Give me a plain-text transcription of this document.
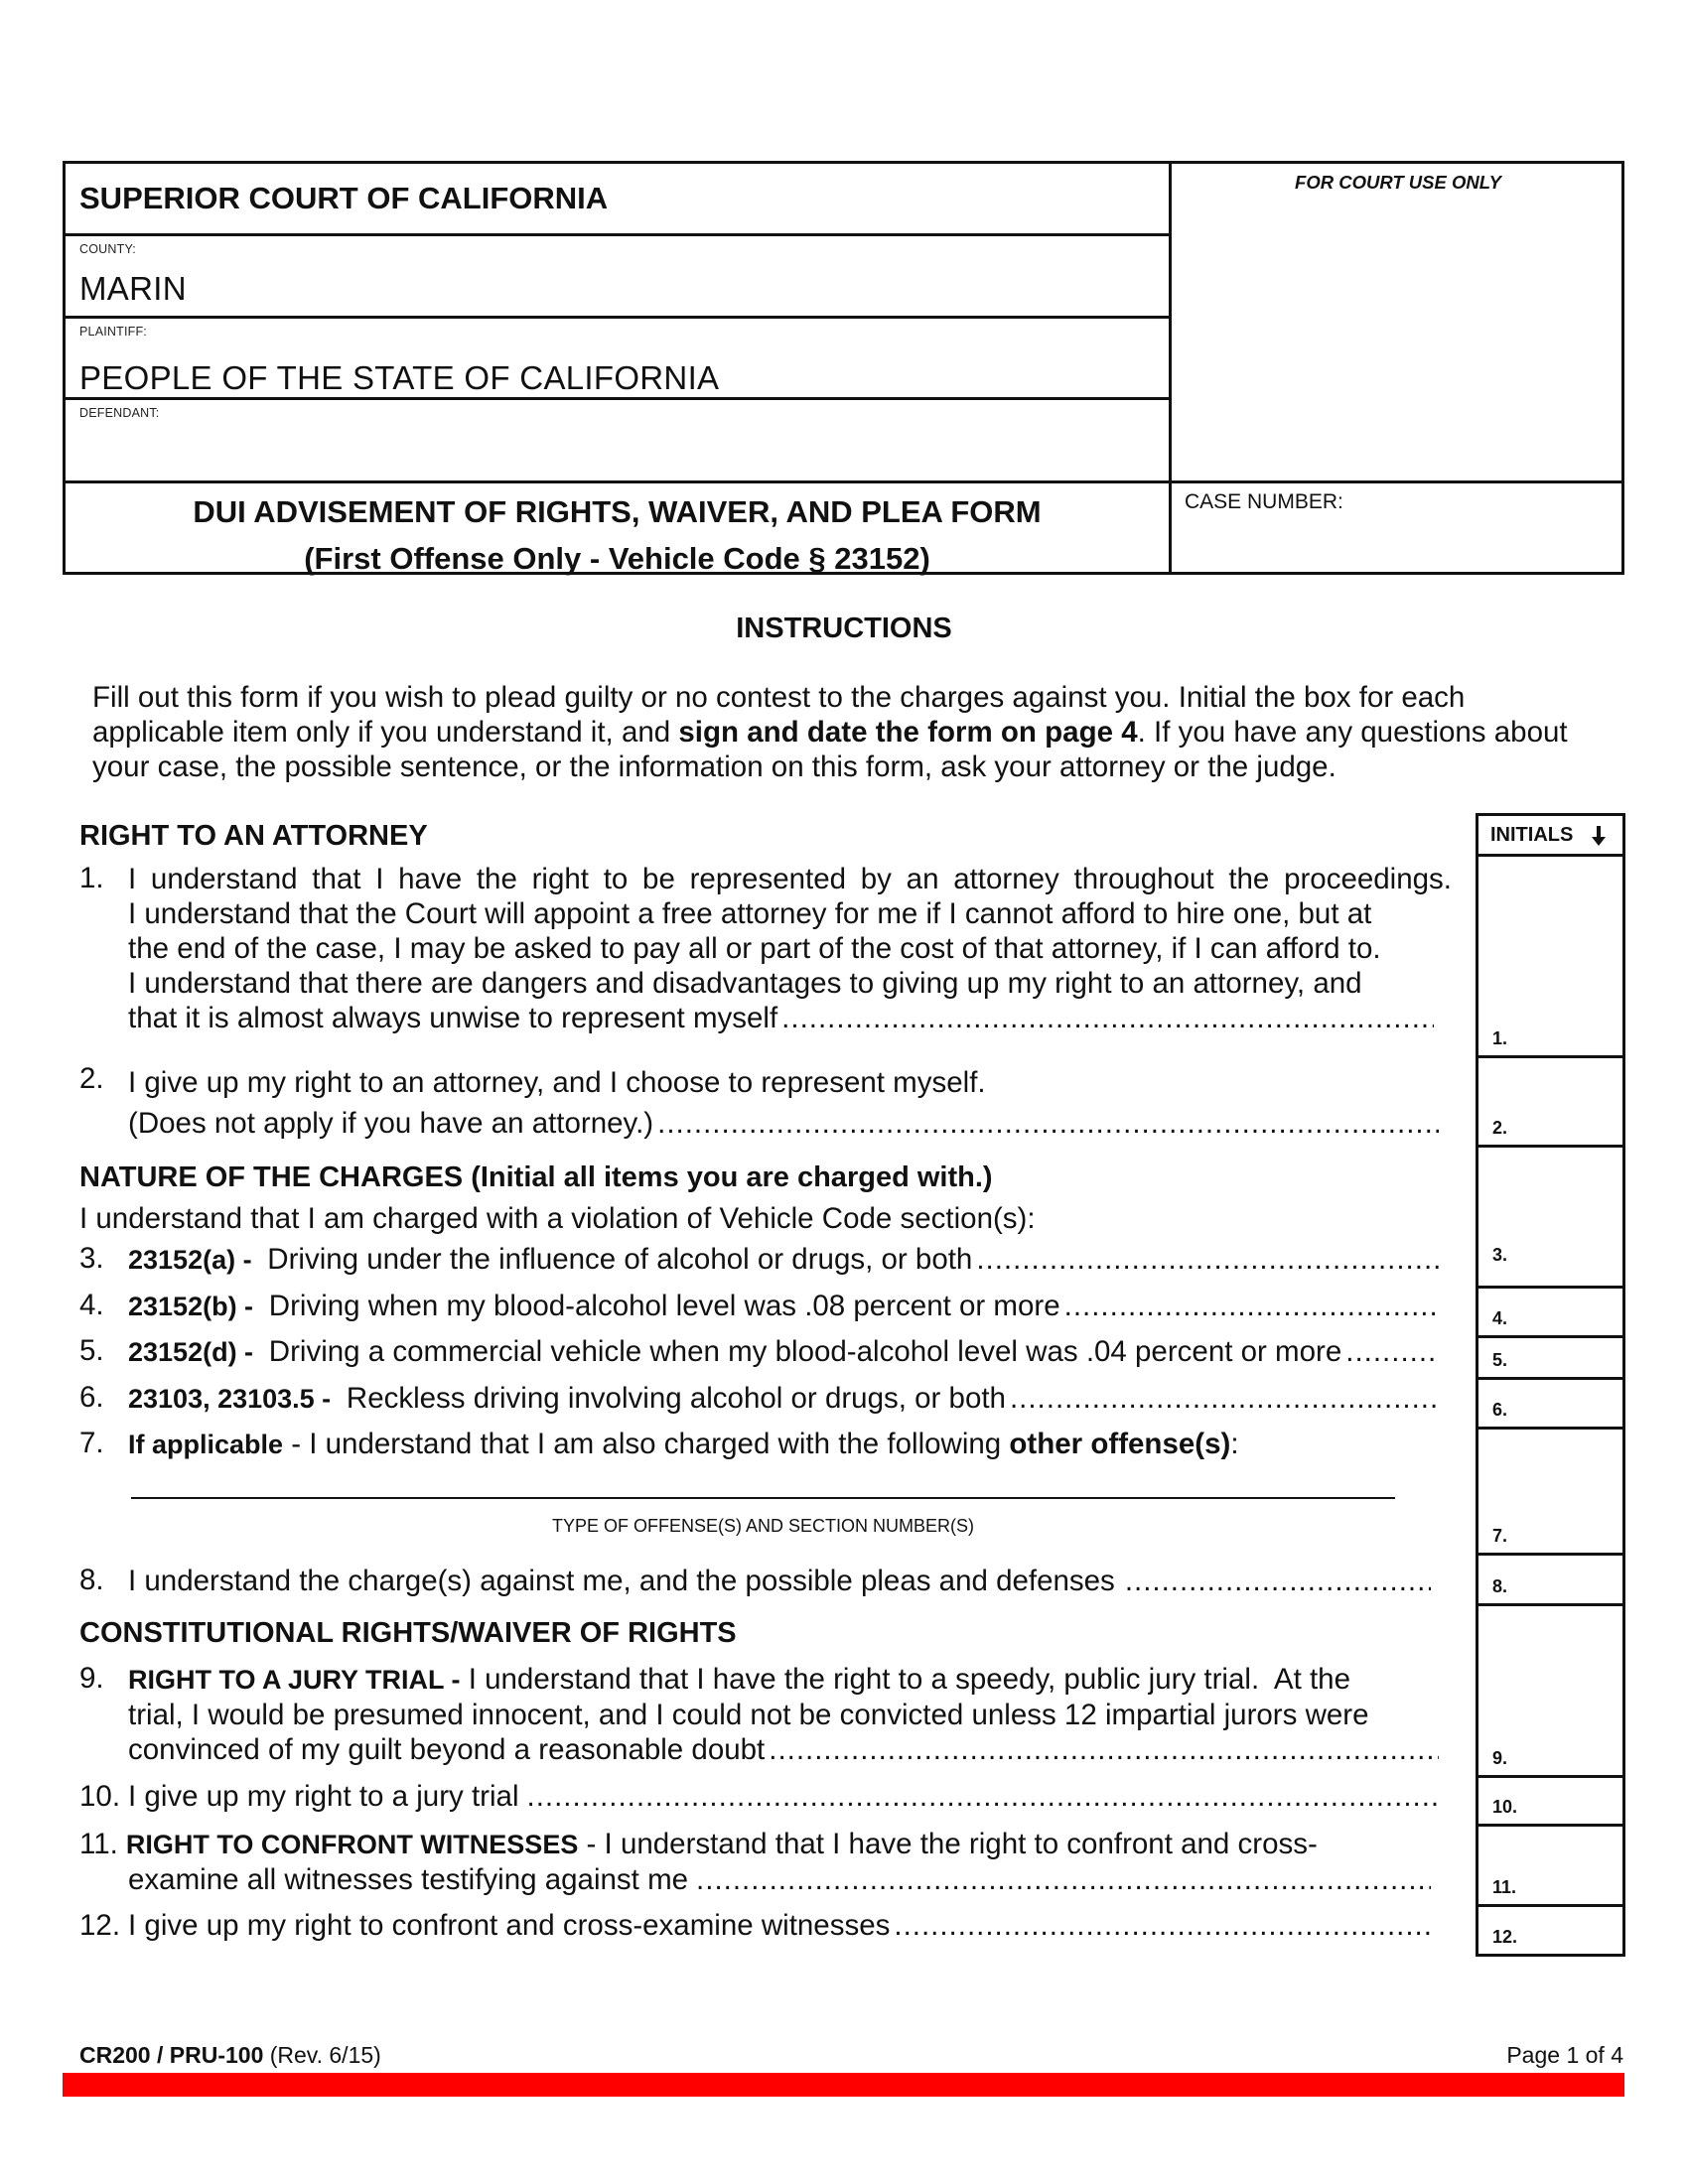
SUPERIOR COURT OF CALIFORNIA	FOR COURT USE ONLY
COUNTY:
MARIN
PLAINTIFF:
PEOPLE OF THE STATE OF CALIFORNIA
DEFENDANT:
DUI ADVISEMENT OF RIGHTS, WAIVER, AND PLEA FORM
(First Offense Only - Vehicle Code § 23152)
CASE NUMBER:
INSTRUCTIONS
Fill out this form if you wish to plead guilty or no contest to the charges against you. Initial the box for each
applicable item only if you understand it, and sign and date the form on page 4. If you have any questions about
your case, the possible sentence, or the information on this form, ask your attorney or the judge.
INITIALS
1.
2.
3.
4.
5.
6.
7.
8.
9.
10.
11.
12.
RIGHT TO AN ATTORNEY
1. I understand that I have the right to be represented by an attorney throughout the proceedings.
I understand that the Court will appoint a free attorney for me if I cannot afford to hire one, but at
the end of the case, I may be asked to pay all or part of the cost of that attorney, if I can afford to.
I understand that there are dangers and disadvantages to giving up my right to an attorney, and
that it is almost always unwise to represent myself
.....
2. I give up my right to an attorney, and I choose to represent myself.
(Does not apply if you have an attorney.)
.....
NATURE OF THE CHARGES (Initial all items you are charged with.)
I understand that I am charged with a violation of Vehicle Code section(s):
3. 23152(a) - Driving under the influence of alcohol or drugs, or both
.....
4. 23152(b) - Driving when my blood-alcohol level was .08 percent or more
.....
5. 23152(d) - Driving a commercial vehicle when my blood-alcohol level was .04 percent or more
.....
6. 23103, 23103.5 - Reckless driving involving alcohol or drugs, or both
.....
7. If applicable - I understand that I am also charged with the following other offense(s):
TYPE OF OFFENSE(S) AND SECTION NUMBER(S)
8. I understand the charge(s) against me, and the possible pleas and defenses
.....
CONSTITUTIONAL RIGHTS/WAIVER OF RIGHTS
9. RIGHT TO A JURY TRIAL - I understand that I have the right to a speedy, public jury trial.  At the
trial, I would be presumed innocent, and I could not be convicted unless 12 impartial jurors were
convinced of my guilt beyond a reasonable doubt
.....
10. I give up my right to a jury trial
.....
11. RIGHT TO CONFRONT WITNESSES - I understand that I have the right to confront and cross-
examine all witnesses testifying against me
.....
12. I give up my right to confront and cross-examine witnesses
.....
CR200 / PRU-100 (Rev. 6/15)	Page 1 of 4
